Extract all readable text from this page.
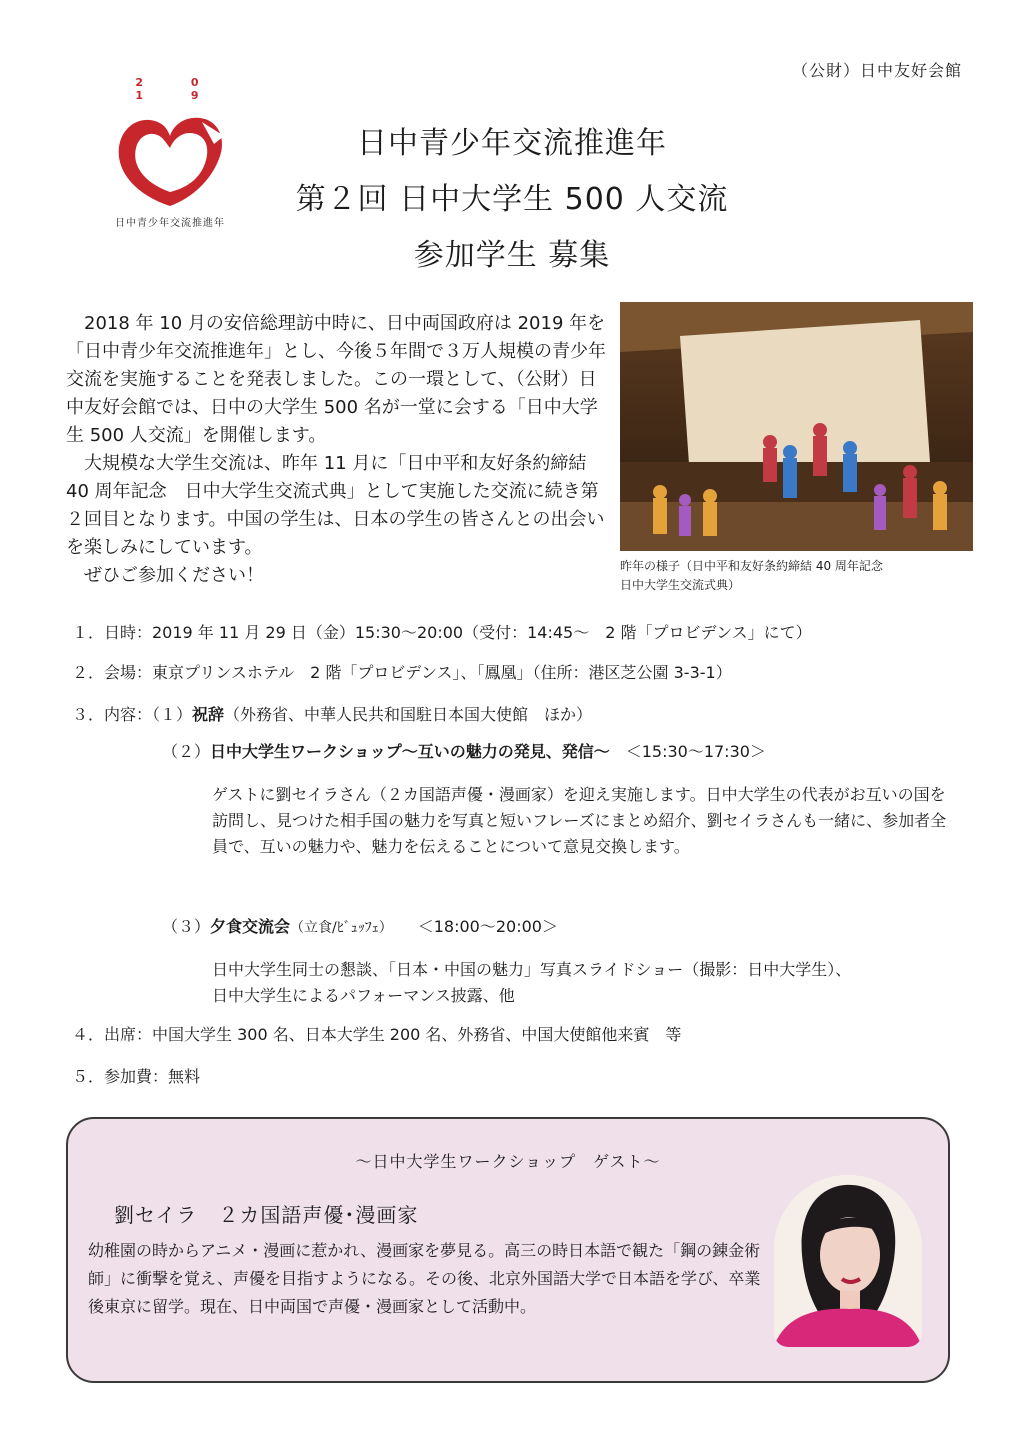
（公財）日中友好会館
2 0 1 9
日中青少年交流推進年
日中青少年交流推進年
第２回 日中大学生 500 人交流
参加学生 募集

2018 年 10 月の安倍総理訪中時に、日中両国政府は 2019 年を「日中青少年交流推進年」とし、今後５年間で３万人規模の青少年交流を実施することを発表しました。この一環として、（公財）日中友好会館では、日中の大学生 500 名が一堂に会する「日中大学生 500 人交流」を開催します。

大規模な大学生交流は、昨年 11 月に「日中平和友好条約締結 40 周年記念　日中大学生交流式典」として実施した交流に続き第２回目となります。中国の学生は、日本の学生の皆さんとの出会いを楽しみにしています。

ぜひご参加ください！	昨年の様子（日中平和友好条約締結 40 周年記念
日中大学生交流式典）
１．日時：2019 年 11 月 29 日（金）15:30～20:00（受付：14:45～　2 階「プロビデンス」にて）
２．会場：東京プリンスホテル　2 階「プロビデンス」、「鳳凰」（住所：港区芝公園 3-3-1）
３．内容：（１）祝辞（外務省、中華人民共和国駐日本国大使館　ほか）
（２）日中大学生ワークショップ～互いの魅力の発見、発信～　＜15:30～17:30＞
ゲストに劉セイラさん（２カ国語声優・漫画家）を迎え実施します。日中大学生の代表がお互いの国を訪問し、見つけた相手国の魅力を写真と短いフレーズにまとめ紹介、劉セイラさんも一緒に、参加者全員で、互いの魅力や、魅力を伝えることについて意見交換します。
（３）夕食交流会（立食/ﾋﾞｭｯﾌｪ）　　＜18:00～20:00＞
日中大学生同士の懇談、「日本・中国の魅力」写真スライドショー（撮影：日中大学生）、
日中大学生によるパフォーマンス披露、他
４．出席：中国大学生 300 名、日本大学生 200 名、外務省、中国大使館他来賓　等
５．参加費：無料
～日中大学生ワークショップ　ゲスト～
劉セイラ　２カ国語声優･漫画家
幼稚園の時からアニメ・漫画に惹かれ、漫画家を夢見る。高三の時日本語で観た「鋼の錬金術師」に衝撃を覚え、声優を目指すようになる。その後、北京外国語大学で日本語を学び、卒業後東京に留学。現在、日中両国で声優・漫画家として活動中。
